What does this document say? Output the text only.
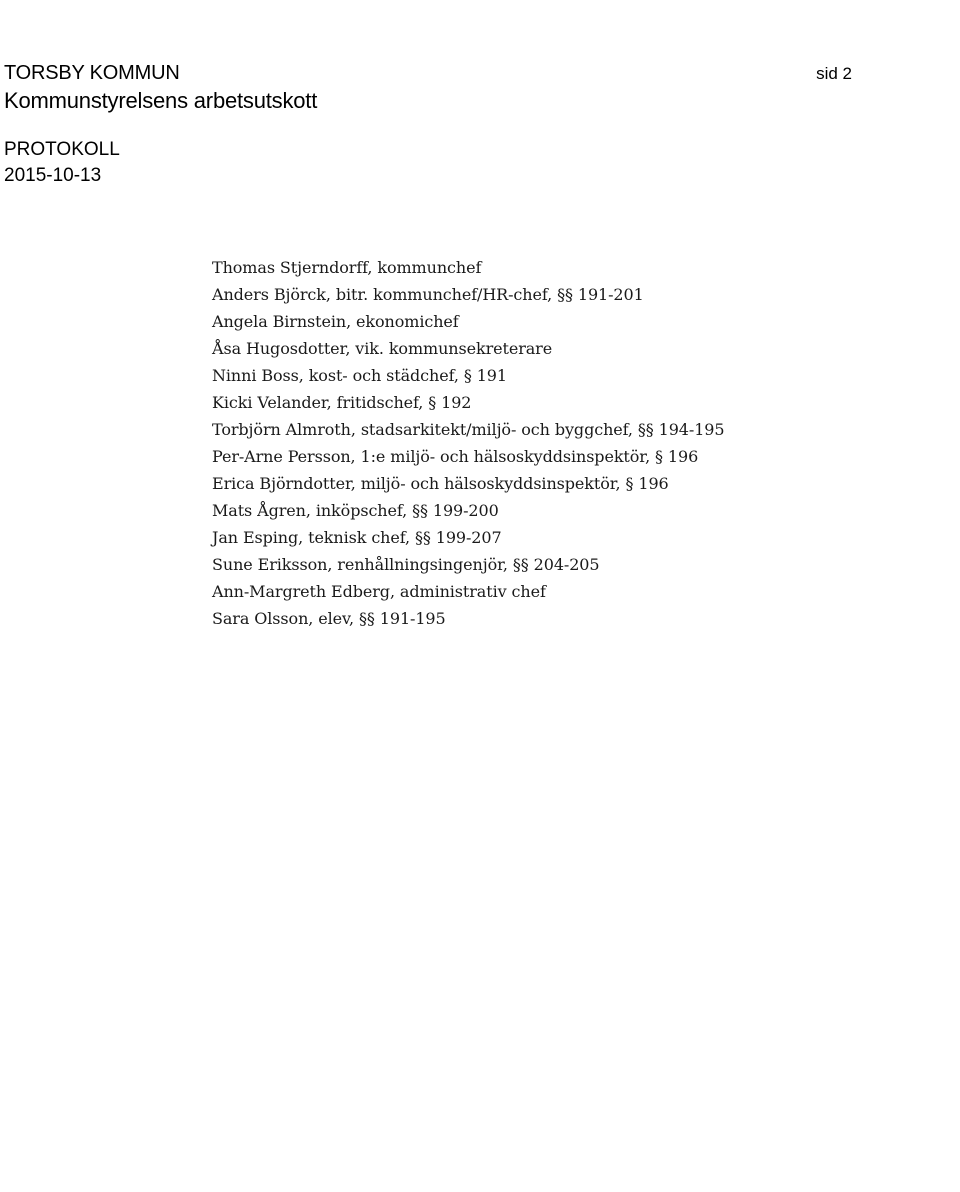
TORSBY KOMMUN
Kommunstyrelsens arbetsutskott
PROTOKOLL
2015-10-13
sid 2
Thomas Stjerndorff, kommunchef
Anders Björck, bitr. kommunchef/HR-chef, §§ 191-201
Angela Birnstein, ekonomichef
Åsa Hugosdotter, vik. kommunsekreterare
Ninni Boss, kost- och städchef, § 191
Kicki Velander, fritidschef, § 192
Torbjörn Almroth, stadsarkitekt/miljö- och byggchef, §§ 194-195
Per-Arne Persson, 1:e miljö- och hälsoskyddsinspektör, § 196
Erica Björndotter, miljö- och hälsoskyddsinspektör, § 196
Mats Ågren, inköpschef, §§ 199-200
Jan Esping, teknisk chef, §§ 199-207
Sune Eriksson, renhållningsingenjör, §§ 204-205
Ann-Margreth Edberg, administrativ chef
Sara Olsson, elev, §§ 191-195
